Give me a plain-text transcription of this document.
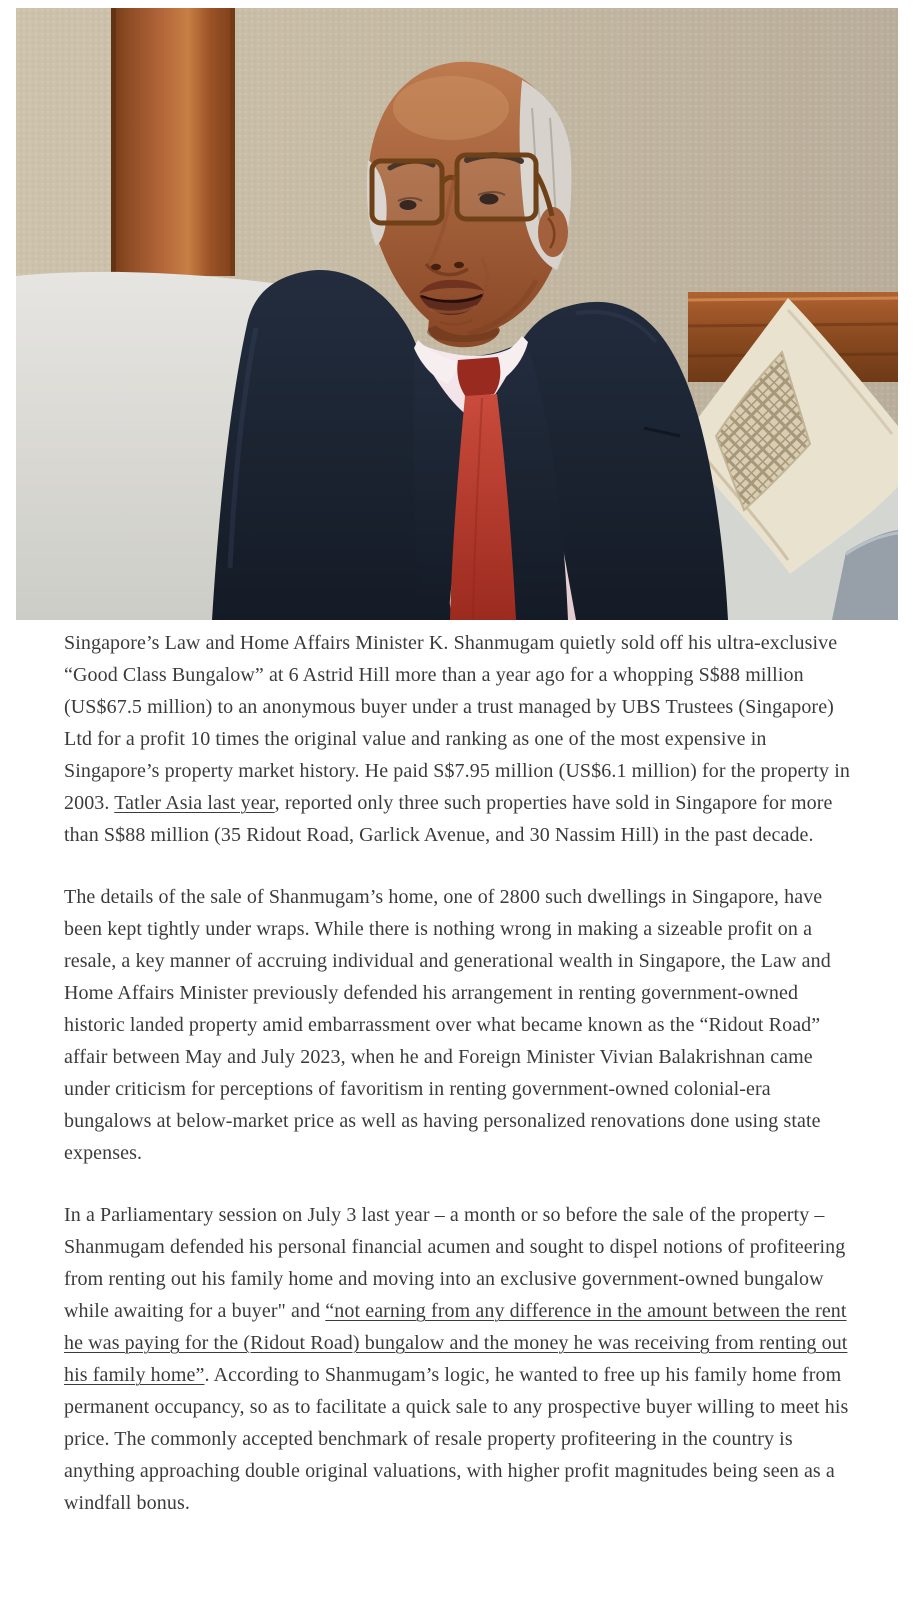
Singapore’s Law and Home Affairs Minister K. Shanmugam quietly sold off his ultra-exclusive “Good Class Bungalow” at 6 Astrid Hill more than a year ago for a whopping S$88 million (US$67.5 million) to an anonymous buyer under a trust managed by UBS Trustees (Singapore) Ltd for a profit 10 times the original value and ranking as one of the most expensive in Singapore’s property market history. He paid S$7.95 million (US$6.1 million) for the property in 2003. Tatler Asia last year, reported only three such properties have sold in Singapore for more than S$88 million (35 Ridout Road, Garlick Avenue, and 30 Nassim Hill) in the past decade.

The details of the sale of Shanmugam’s home, one of 2800 such dwellings in Singapore, have been kept tightly under wraps. While there is nothing wrong in making a sizeable profit on a resale, a key manner of accruing individual and generational wealth in Singapore, the Law and Home Affairs Minister previously defended his arrangement in renting government-owned historic landed property amid embarrassment over what became known as the “Ridout Road” affair between May and July 2023, when he and Foreign Minister Vivian Balakrishnan came under criticism for perceptions of favoritism in renting government-owned colonial-era bungalows at below-market price as well as having personalized renovations done using state expenses.

In a Parliamentary session on July 3 last year – a month or so before the sale of the property – Shanmugam defended his personal financial acumen and sought to dispel notions of profiteering from renting out his family home and moving into an exclusive government-owned bungalow while awaiting for a buyer" and “not earning from any difference in the amount between the rent he was paying for the (Ridout Road) bungalow and the money he was receiving from renting out his family home”. According to Shanmugam’s logic, he wanted to free up his family home from permanent occupancy, so as to facilitate a quick sale to any prospective buyer willing to meet his price. The commonly accepted benchmark of resale property profiteering in the country is anything approaching double original valuations, with higher profit magnitudes being seen as a windfall bonus.
